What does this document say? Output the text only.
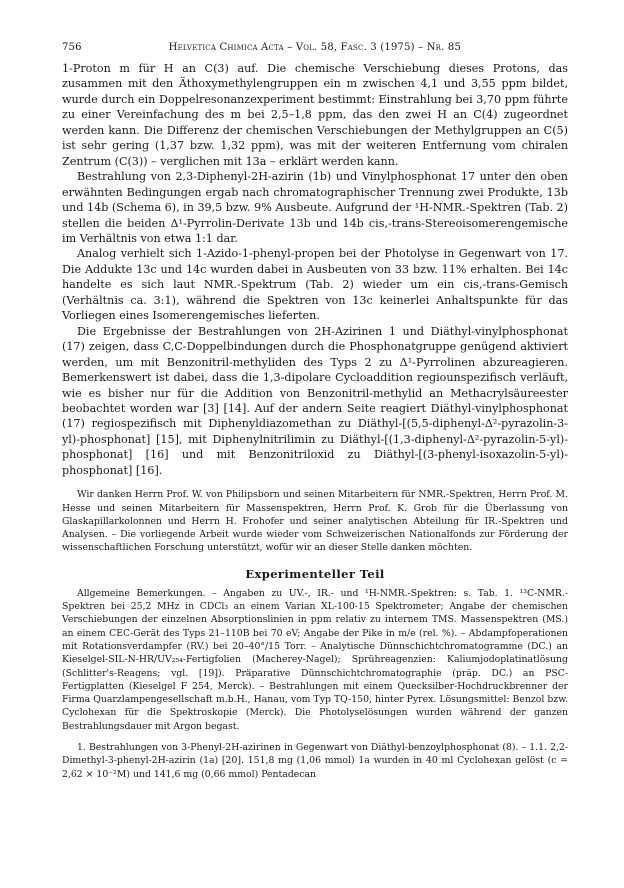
756	Helvetica Chimica Acta – Vol. 58, Fasc. 3 (1975) – Nr. 85

1-Proton m für H an C(3) auf. Die chemische Verschiebung dieses Protons, das zusammen mit den Äthoxymethylengruppen ein m zwischen 4,1 und 3,55 ppm bildet, wurde durch ein Doppelresonanzexperiment bestimmt: Einstrahlung bei 3,70 ppm führte zu einer Vereinfachung des m bei 2,5–1,8 ppm, das den zwei H an C(4) zugeordnet werden kann. Die Differenz der chemischen Verschiebungen der Methylgruppen an C(5) ist sehr gering (1,37 bzw. 1,32 ppm), was mit der weiteren Entfernung vom chiralen Zentrum (C(3)) – verglichen mit 13a – erklärt werden kann.

Bestrahlung von 2,3-Diphenyl-2H-azirin (1b) und Vinylphosphonat 17 unter den oben erwähnten Bedingungen ergab nach chromatographischer Trennung zwei Produkte, 13b und 14b (Schema 6), in 39,5 bzw. 9% Ausbeute. Aufgrund der ¹H-NMR.-Spektren (Tab. 2) stellen die beiden Δ¹-Pyrrolin-Derivate 13b und 14b cis,-trans-Stereoisomerengemische im Verhältnis von etwa 1:1 dar.

Analog verhielt sich 1-Azido-1-phenyl-propen bei der Photolyse in Gegenwart von 17. Die Addukte 13c und 14c wurden dabei in Ausbeuten von 33 bzw. 11% erhalten. Bei 14c handelte es sich laut NMR.-Spektrum (Tab. 2) wieder um ein cis,-trans-Gemisch (Verhältnis ca. 3:1), während die Spektren von 13c keinerlei Anhaltspunkte für das Vorliegen eines Isomerengemisches lieferten.

Die Ergebnisse der Bestrahlungen von 2H-Azirinen 1 und Diäthyl-vinylphosphonat (17) zeigen, dass C,C-Doppelbindungen durch die Phosphonatgruppe genügend aktiviert werden, um mit Benzonitril-methyliden des Typs 2 zu Δ¹-Pyrrolinen abzureagieren. Bemerkenswert ist dabei, dass die 1,3-dipolare Cycloaddition regiounspezifisch verläuft, wie es bisher nur für die Addition von Benzonitril-methylid an Methacrylsäureester beobachtet worden war [3] [14]. Auf der andern Seite reagiert Diäthyl-vinylphosphonat (17) regiospezifisch mit Diphenyldiazomethan zu Diäthyl-[(5,5-diphenyl-Δ²-pyrazolin-3-yl)-phosphonat] [15], mit Diphenylnitrilimin zu Diäthyl-[(1,3-diphenyl-Δ²-pyrazolin-5-yl)-phosphonat] [16] und mit Benzonitriloxid zu Diäthyl-[(3-phenyl-isoxazolin-5-yl)-phosphonat] [16].

Wir danken Herrn Prof. W. von Philipsborn und seinen Mitarbeitern für NMR.-Spektren, Herrn Prof. M. Hesse und seinen Mitarbeitern für Massenspektren, Herrn Prof. K. Grob für die Überlassung von Glaskapillarkolonnen und Herrn H. Frohofer und seiner analytischen Abteilung für IR.-Spektren und Analysen. – Die vorliegende Arbeit wurde wieder vom Schweizerischen Nationalfonds zur Förderung der wissenschaftlichen Forschung unterstützt, wofür wir an dieser Stelle danken möchten.
Experimenteller Teil

Allgemeine Bemerkungen. – Angaben zu UV.-, IR.- und ¹H-NMR.-Spektren: s. Tab. 1. ¹³C-NMR.-Spektren bei 25,2 MHz in CDCl₃ an einem Varian XL-100-15 Spektrometer; Angabe der chemischen Verschiebungen der einzelnen Absorptionslinien in ppm relativ zu internem TMS. Massenspektren (MS.) an einem CEC-Gerät des Typs 21–110B bei 70 eV; Angabe der Pike in m/e (rel. %). – Abdampfoperationen mit Rotationsverdampfer (RV.) bei 20–40°/15 Torr. – Analytische Dünnschichtchromatogramme (DC.) an Kieselgel-SIL-N-HR/UV₂₅₄-Fertigfolien (Macherey-Nagel); Sprühreagenzien: Kaliumjodoplatinatlösung (Schlitter's-Reagens; vgl. [19]). Präparative Dünnschichtchromatographie (präp. DC.) an PSC-Fertigplatten (Kieselgel F 254, Merck). – Bestrahlungen mit einem Quecksilber-Hochdruckbrenner der Firma Quarzlampengesellschaft m.b.H., Hanau, vom Typ TQ-150, hinter Pyrex. Lösungsmittel: Benzol bzw. Cyclohexan für die Spektroskopie (Merck). Die Photolyselösungen wurden während der ganzen Bestrahlungsdauer mit Argon begast.

1. Bestrahlungen von 3-Phenyl-2H-azirinen in Gegenwart von Diäthyl-benzoylphosphonat (8). – 1.1. 2,2-Dimethyl-3-phenyl-2H-azirin (1a) [20]. 151,8 mg (1,06 mmol) 1a wurden in 40 ml Cyclohexan gelöst (c = 2,62 × 10⁻²M) und 141,6 mg (0,66 mmol) Pentadecan
